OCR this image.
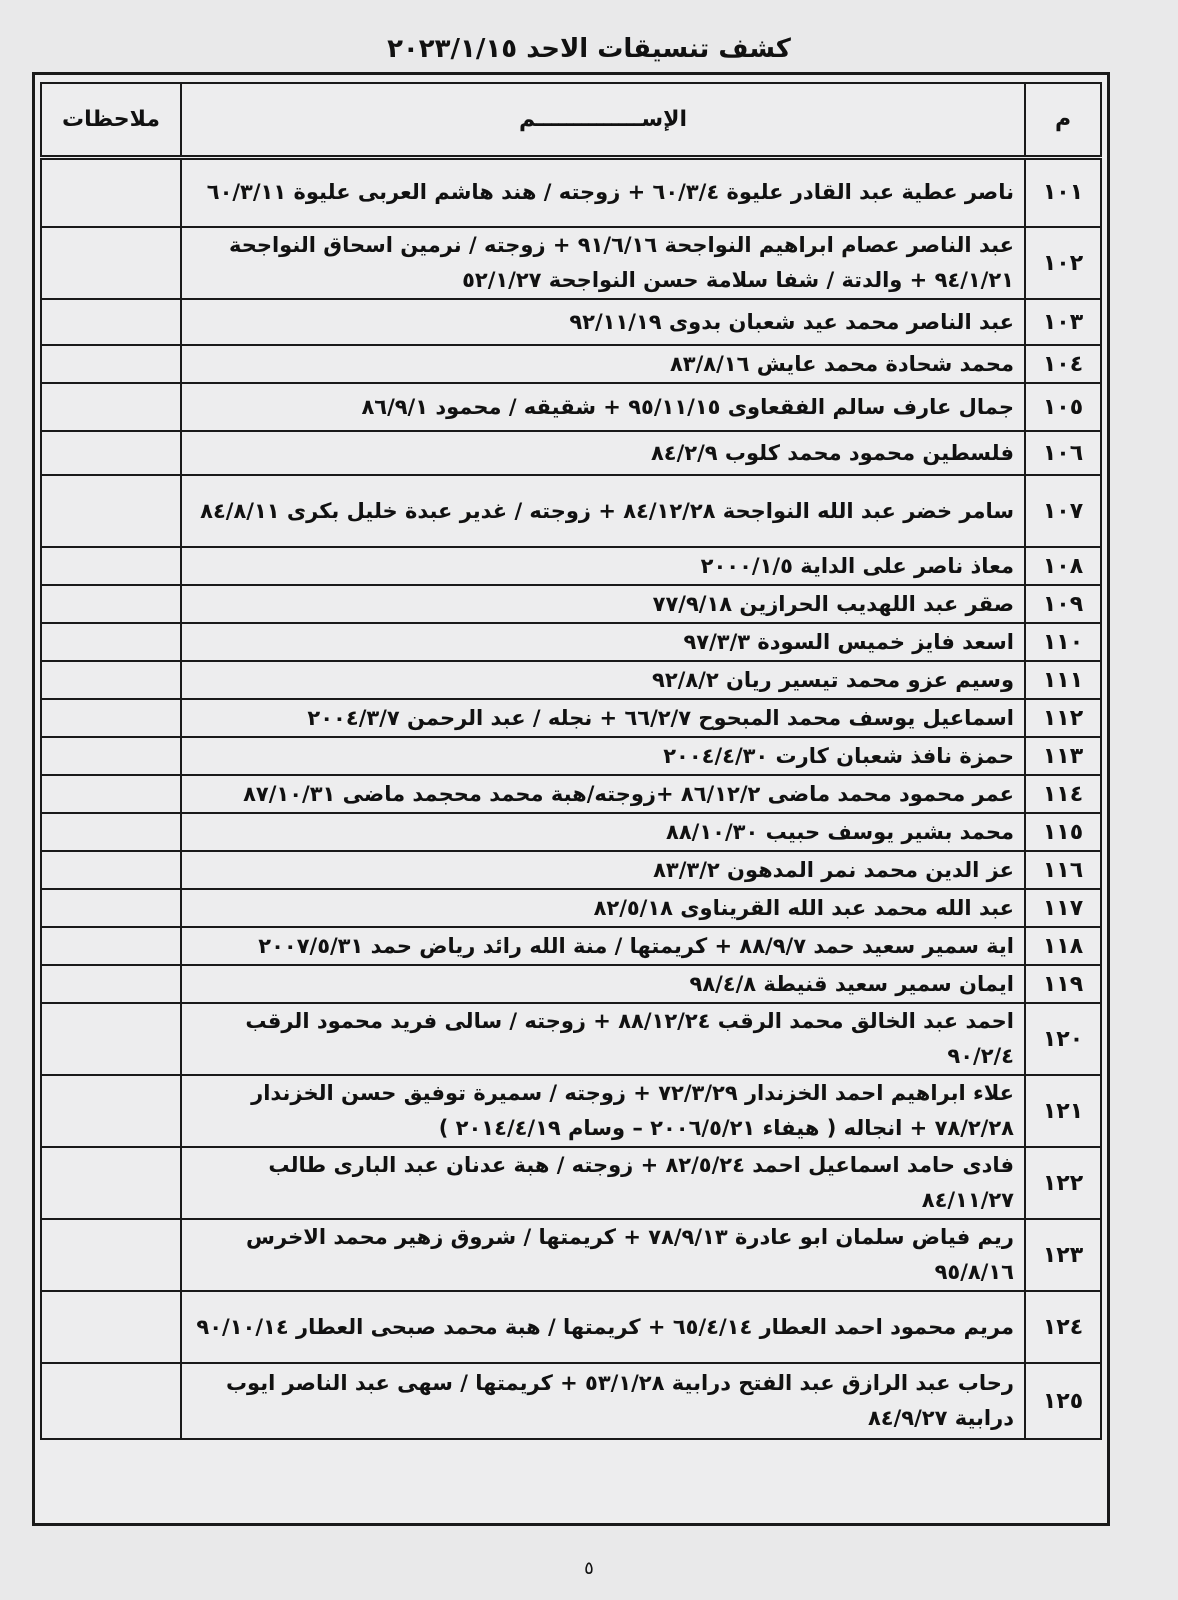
كشف تنسيقات الاحد ٢٠٢٣/١/١٥
م	الإســــــــــــــم	ملاحظات
١٠١	ناصر عطية عبد القادر عليوة ٦٠/٣/٤ + زوجته / هند هاشم العربى عليوة ٦٠/٣/١١	
١٠٢	عبد الناصر عصام ابراهيم النواجحة ٩١/٦/١٦ + زوجته / نرمين اسحاق النواجحة ٩٤/١/٢١ + والدتة / شفا سلامة حسن النواجحة ٥٢/١/٢٧	
١٠٣	عبد الناصر محمد عيد شعبان بدوى ٩٢/١١/١٩	
١٠٤	محمد شحادة محمد عايش ٨٣/٨/١٦	
١٠٥	جمال عارف سالم الفقعاوى ٩٥/١١/١٥ + شقيقه / محمود ٨٦/٩/١	
١٠٦	فلسطين محمود محمد كلوب ٨٤/٢/٩	
١٠٧	سامر خضر عبد الله النواجحة ٨٤/١٢/٢٨ + زوجته / غدير عبدة خليل بكرى ٨٤/٨/١١	
١٠٨	معاذ ناصر على الداية ٢٠٠٠/١/٥	
١٠٩	صقر عبد اللهديب الحرازين ٧٧/٩/١٨	
١١٠	اسعد فايز خميس السودة ٩٧/٣/٣	
١١١	وسيم عزو محمد تيسير ريان ٩٢/٨/٢	
١١٢	اسماعيل يوسف محمد المبحوح ٦٦/٢/٧ + نجله / عبد الرحمن ٢٠٠٤/٣/٧	
١١٣	حمزة نافذ شعبان كارت ٢٠٠٤/٤/٣٠	
١١٤	عمر محمود محمد ماضى ٨٦/١٢/٢ +زوجته/هبة محمد محجمد ماضى ٨٧/١٠/٣١	
١١٥	محمد بشير يوسف حبيب ٨٨/١٠/٣٠	
١١٦	عز الدين محمد نمر المدهون ٨٣/٣/٢	
١١٧	عبد الله محمد عبد الله القريناوى ٨٢/٥/١٨	
١١٨	اية سمير سعيد حمد ٨٨/٩/٧ + كريمتها / منة الله رائد رياض حمد ٢٠٠٧/٥/٣١	
١١٩	ايمان سمير سعيد قنيطة ٩٨/٤/٨	
١٢٠	احمد عبد الخالق محمد الرقب ٨٨/١٢/٢٤ + زوجته / سالى فريد محمود الرقب ٩٠/٢/٤	
١٢١	علاء ابراهيم احمد الخزندار ٧٢/٣/٢٩ + زوجته / سميرة توفيق حسن الخزندار ٧٨/٢/٢٨ + انجاله ( هيفاء ٢٠٠٦/٥/٢١ – وسام ٢٠١٤/٤/١٩ )	
١٢٢	فادى حامد اسماعيل احمد ٨٢/٥/٢٤ + زوجته / هبة عدنان عبد البارى طالب ٨٤/١١/٢٧	
١٢٣	ريم فياض سلمان ابو عادرة ٧٨/٩/١٣ + كريمتها / شروق زهير محمد الاخرس ٩٥/٨/١٦	
١٢٤	مريم محمود احمد العطار ٦٥/٤/١٤ + كريمتها / هبة محمد صبحى العطار ٩٠/١٠/١٤	
١٢٥	رحاب عبد الرازق عبد الفتح درابية ٥٣/١/٢٨ + كريمتها / سهى عبد الناصر ايوب درابية ٨٤/٩/٢٧	
٥
